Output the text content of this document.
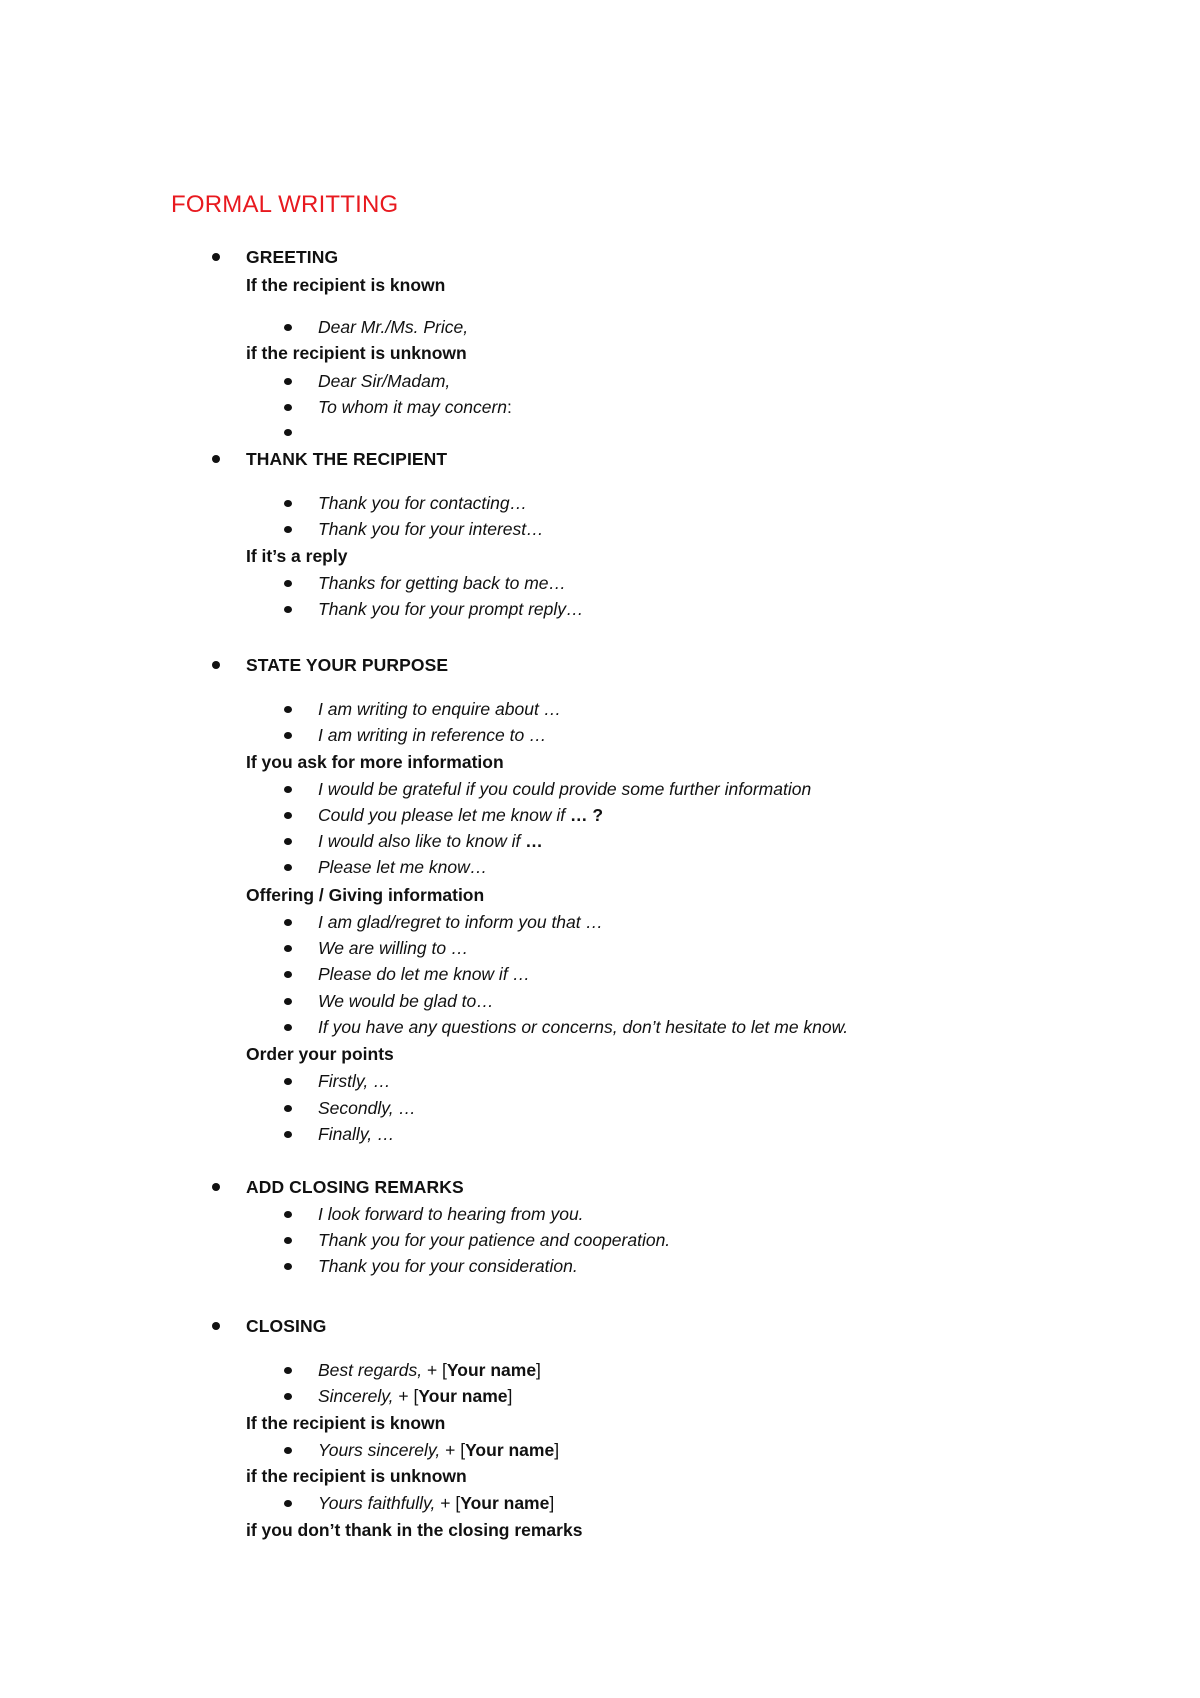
FORMAL WRITTING
GREETING
If the recipient is known
Dear Mr./Ms. Price,
if the recipient is unknown
Dear Sir/Madam,
To whom it may concern:
THANK THE RECIPIENT
Thank you for contacting…
Thank you for your interest…
If it’s a reply
Thanks for getting back to me…
Thank you for your prompt reply…
STATE YOUR PURPOSE
I am writing to enquire about …
I am writing in reference to …
If you ask for more information
I would be grateful if you could provide some further information
Could you please let me know if … ?
I would also like to know if …
Please let me know…
Offering / Giving information
I am glad/regret to inform you that …
We are willing to …
Please do let me know if …
We would be glad to…
If you have any questions or concerns, don’t hesitate to let me know.
Order your points
Firstly, …
Secondly, …
Finally, …
ADD CLOSING REMARKS
I look forward to hearing from you.
Thank you for your patience and cooperation.
Thank you for your consideration.
CLOSING
Best regards, + [Your name]
Sincerely, + [Your name]
If the recipient is known
Yours sincerely, + [Your name]
if the recipient is unknown
Yours faithfully, + [Your name]
if you don’t thank in the closing remarks
